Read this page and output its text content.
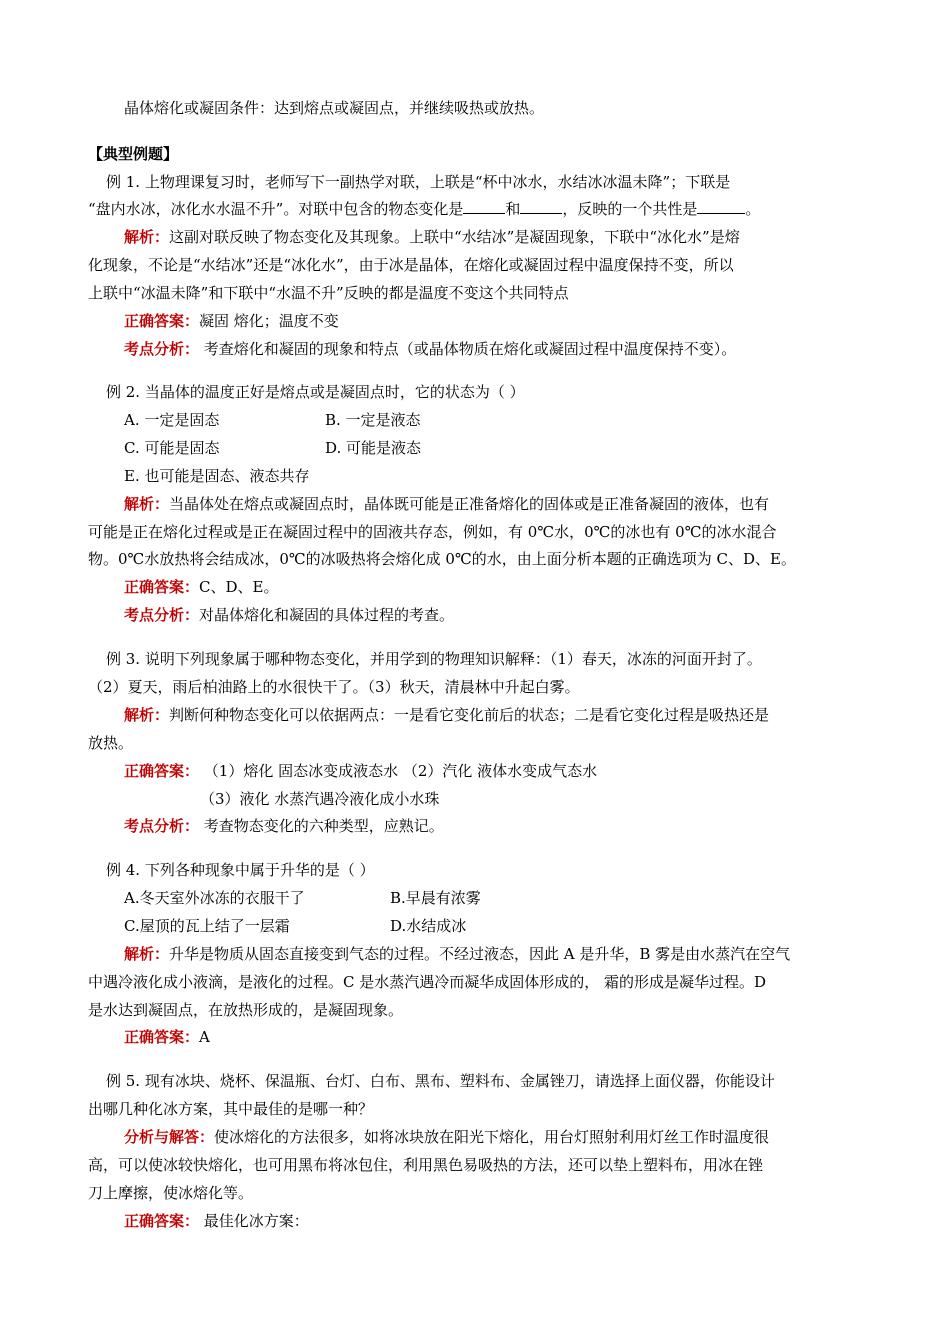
晶体熔化或凝固条件：达到熔点或凝固点，并继续吸热或放热。
【典型例题】
例 1. 上物理课复习时，老师写下一副热学对联，上联是“杯中冰水，水结冰冰温未降”；下联是
“盘内水冰，冰化水水温不升”。对联中包含的物态变化是	和	，反映的一个共性是	。
解析：这副对联反映了物态变化及其现象。上联中“水结冰”是凝固现象，下联中“冰化水”是熔
化现象，不论是“水结冰”还是“冰化水”，由于冰是晶体，在熔化或凝固过程中温度保持不变，所以
上联中“冰温未降”和下联中“水温不升”反映的都是温度不变这个共同特点
正确答案：凝固 熔化；温度不变
考点分析： 考查熔化和凝固的现象和特点（或晶体物质在熔化或凝固过程中温度保持不变）。
例 2. 当晶体的温度正好是熔点或是凝固点时，它的状态为（ ）
A. 一定是固态	B. 一定是液态
C. 可能是固态	D. 可能是液态
E. 也可能是固态、液态共存
解析：当晶体处在熔点或凝固点时，晶体既可能是正准备熔化的固体或是正准备凝固的液体，也有
可能是正在熔化过程或是正在凝固过程中的固液共存态，例如，有 0℃水，0℃的冰也有 0℃的冰水混合
物。0℃水放热将会结成冰，0℃的冰吸热将会熔化成 0℃的水，由上面分析本题的正确选项为 C、D、E。
正确答案：C、D、E。
考点分析：对晶体熔化和凝固的具体过程的考查。
例 3. 说明下列现象属于哪种物态变化，并用学到的物理知识解释：（1）春天，冰冻的河面开封了。
（2）夏天，雨后柏油路上的水很快干了。（3）秋天，清晨林中升起白雾。
解析：判断何种物态变化可以依据两点：一是看它变化前后的状态；二是看它变化过程是吸热还是
放热。
正确答案： （1）熔化 固态冰变成液态水 （2）汽化 液体水变成气态水
（3）液化 水蒸汽遇冷液化成小水珠
考点分析： 考查物态变化的六种类型，应熟记。
例 4. 下列各种现象中属于升华的是（ ）
A.冬天室外冰冻的衣服干了	B.早晨有浓雾
C.屋顶的瓦上结了一层霜	D.水结成冰
解析：升华是物质从固态直接变到气态的过程。不经过液态，因此 A 是升华，B 雾是由水蒸汽在空气
中遇冷液化成小液滴，是液化的过程。C 是水蒸汽遇冷而凝华成固体形成的， 霜的形成是凝华过程。D
是水达到凝固点，在放热形成的，是凝固现象。
正确答案：A
例 5. 现有冰块、烧杯、保温瓶、台灯、白布、黑布、塑料布、金属锉刀，请选择上面仪器，你能设计
出哪几种化冰方案，其中最佳的是哪一种？
分析与解答：使冰熔化的方法很多，如将冰块放在阳光下熔化，用台灯照射利用灯丝工作时温度很
高，可以使冰较快熔化，也可用黑布将冰包住，利用黑色易吸热的方法，还可以垫上塑料布，用冰在锉
刀上摩擦，使冰熔化等。
正确答案： 最佳化冰方案：
